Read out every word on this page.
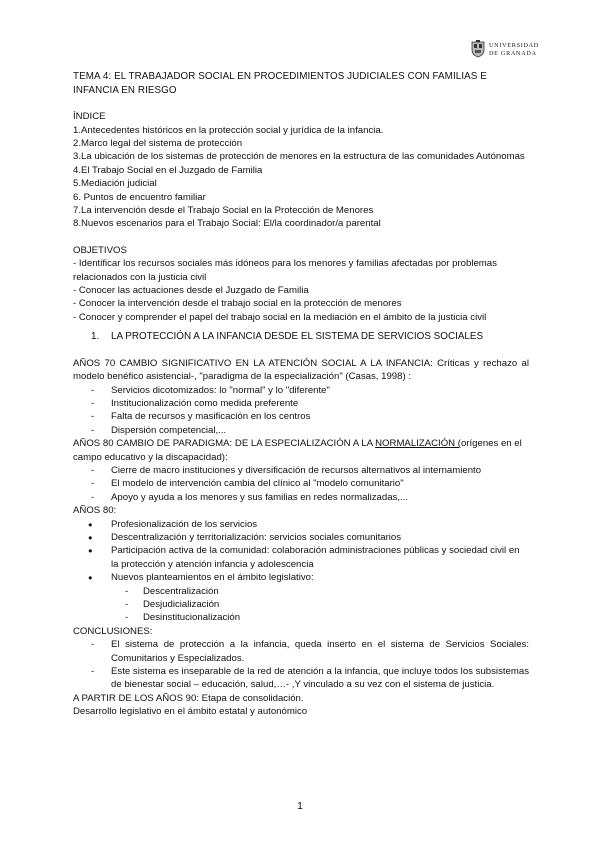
UNIVERSIDAD
DE GRANADA
TEMA 4: EL TRABAJADOR SOCIAL EN PROCEDIMIENTOS JUDICIALES CON FAMILIAS E INFANCIA EN RIESGO
ÍNDICE
1.Antecedentes históricos en la protección social y jurídica de la infancia.
2.Marco legal del sistema de protección
3.La ubicación de los sistemas de protección de menores en la estructura de las comunidades Autónomas
4.El Trabajo Social en el Juzgado de Familia
5.Mediación judicial
6. Puntos de encuentro familiar
7.La intervención desde el Trabajo Social en la Protección de Menores
8.Nuevos escenarios para el Trabajo Social: El/la coordinador/a parental
OBJETIVOS
- Identificar los recursos sociales más idóneos para los menores y familias afectadas por problemas relacionados con la justicia civil
- Conocer las actuaciones desde el Juzgado de Familia
- Conocer la intervención desde el trabajo social en la protección de menores
- Conocer y comprender el papel del trabajo social en la mediación en el ámbito de la justicia civil
1. LA PROTECCIÓN A LA INFANCIA DESDE EL SISTEMA DE SERVICIOS SOCIALES
AÑOS 70 CAMBIO SIGNIFICATIVO EN LA ATENCIÓN SOCIAL A LA INFANCIA: Críticas y rechazo al modelo benéfico asistencial-, "paradigma de la especialización" (Casas, 1998) :
- Servicios dicotomizados: lo "normal" y lo "diferente"
- Institucionalización como medida preferente
- Falta de recursos y masificación en los centros
- Dispersión competencial,...
AÑOS 80 CAMBIO DE PARADIGMA: DE LA ESPECIALIZACIÓN A LA NORMALIZACIÓN (orígenes en el campo educativo y la discapacidad):
- Cierre de macro instituciones y diversificación de recursos alternativos al internamiento
- El modelo de intervención cambia del clínico al "modelo comunitario"
- Apoyo y ayuda a los menores y sus familias en redes normalizadas,...
AÑOS 80:
● Profesionalización de los servicios
● Descentralización y territorialización: servicios sociales comunitarios
● Participación activa de la comunidad: colaboración administraciones públicas y sociedad civil en la protección y atención infancia y adolescencia
● Nuevos planteamientos en el ámbito legislativo:
- Descentralización
- Desjudicialización
- Desinstitucionalización
CONCLUSIONES:
- El sistema de protección a la infancia, queda inserto en el sistema de Servicios Sociales: Comunitarios y Especializados.
- Este sistema es inseparable de la red de atención a la infancia, que incluye todos los subsistemas de bienestar social – educación, salud,…- ,Y vinculado a su vez con el sistema de justicia.
A PARTIR DE LOS AÑOS 90: Etapa de consolidación.
Desarrollo legislativo en el ámbito estatal y autonómico
1
